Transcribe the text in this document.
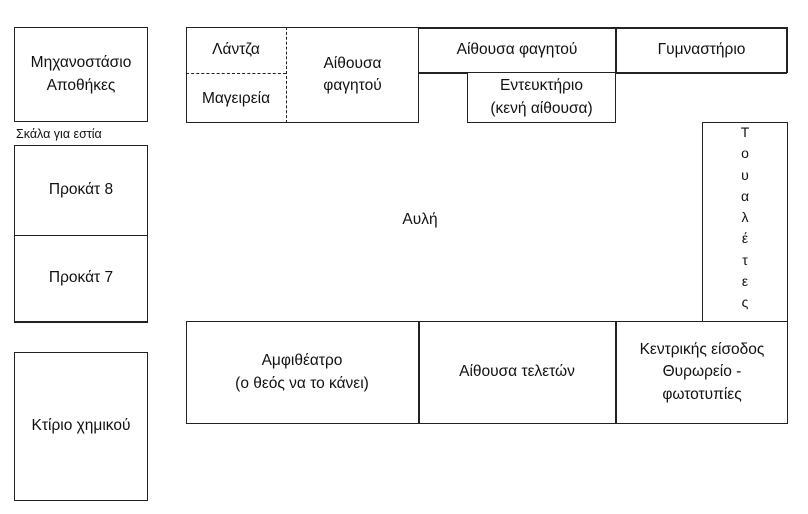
Μηχανοστάσιο
Αποθήκες
Σκάλα για εστία
Προκάτ 8
Προκάτ 7
Κτίριο χημικού
Λάντζα
Μαγειρεία
Αίθουσα
φαγητού
Αίθουσα φαγητού	Γυμναστήριο
Εντευκτήριο
(κενή αίθουσα)
Αυλή
Τ
ο
υ
α
λ
έ
τ
ε
ς
Αμφιθέατρο
(ο θεός να το κάνει)
Αίθουσα τελετών
Κεντρικής είσοδος
Θυρωρείο -
φωτοτυπίες
